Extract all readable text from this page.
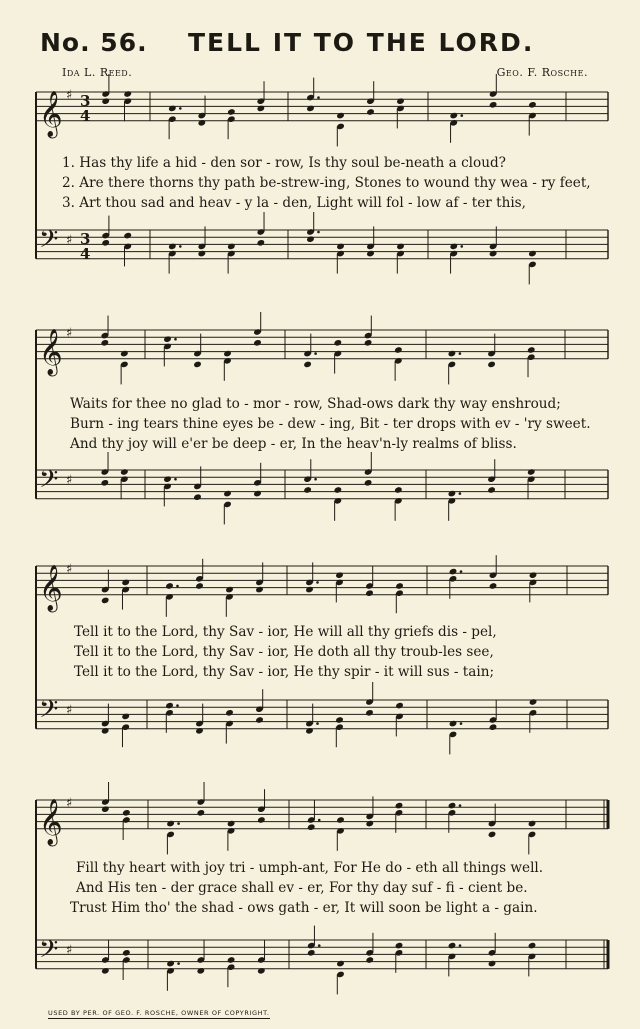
No. 56. TELL IT TO THE LORD.
Ida L. Reed.	Geo. F. Rosche.
𝄞 ♯ 3
4
𝄢 ♯ 3
4
𝄞 ♯
𝄢 ♯
𝄞 ♯
𝄢 ♯
𝄞 ♯
𝄢 ♯
1. Has thy life a hid - den sor - row, Is thy soul be-neath a cloud?
2. Are there thorns thy path be-strew-ing, Stones to wound thy wea - ry feet,
3. Art thou sad and heav - y la - den, Light will fol - low af - ter this,
Waits for thee no glad to - mor - row, Shad-ows dark thy way enshroud;
Burn - ing tears thine eyes be - dew - ing, Bit - ter drops with ev - 'ry sweet.
And thy joy will e'er be deep - er, In the heav'n-ly realms of bliss.
Tell it to the Lord, thy Sav - ior, He will all thy griefs dis - pel,
Tell it to the Lord, thy Sav - ior, He doth all thy troub-les see,
Tell it to the Lord, thy Sav - ior, He thy spir - it will sus - tain;
Fill thy heart with joy tri - umph-ant, For He do - eth all things well.
And His ten - der grace shall ev - er, For thy day suf - fi - cient be.
Trust Him tho' the shad - ows gath - er, It will soon be light a - gain.
USED BY PER. OF GEO. F. ROSCHE, OWNER OF COPYRIGHT.
